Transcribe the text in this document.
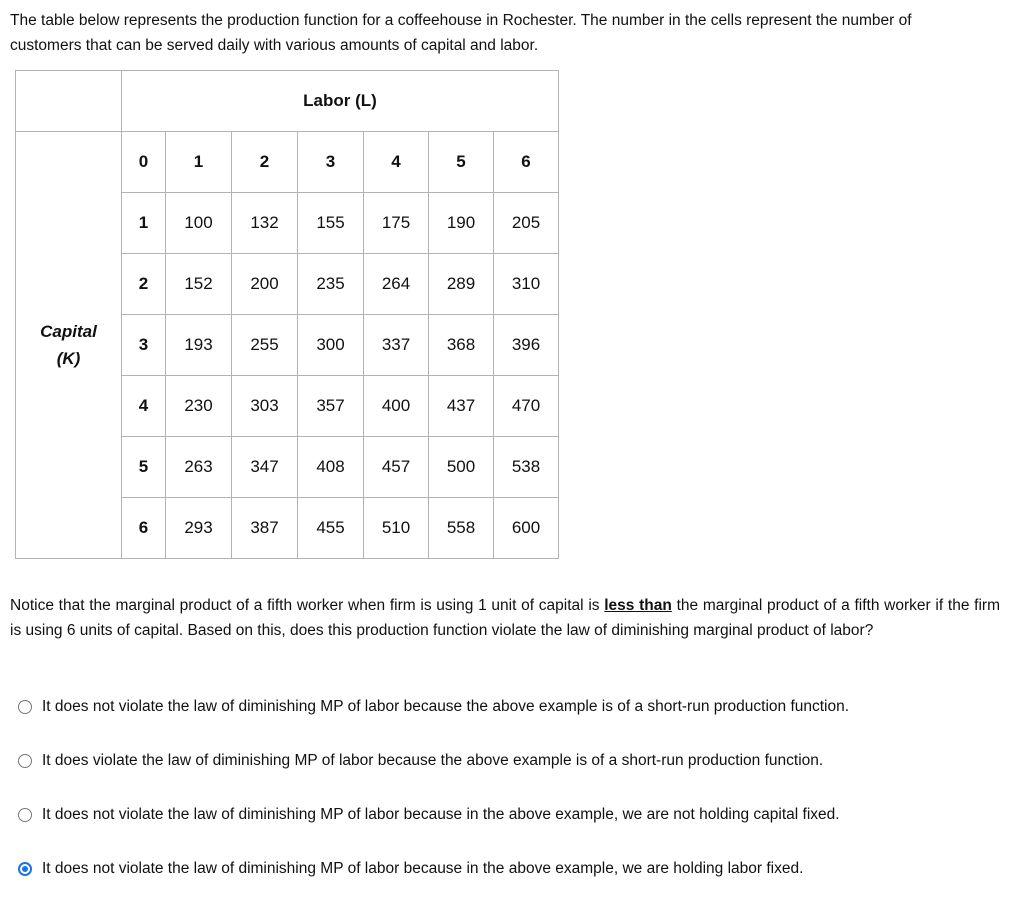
The table below represents the production function for a coffeehouse in Rochester. The number in the cells represent the number of
customers that can be served daily with various amounts of capital and labor.

	Labor (L)						
Capital
(K)	0	1	2	3	4	5	6
	1	100	132	155	175	190	205
	2	152	200	235	264	289	310
	3	193	255	300	337	368	396
	4	230	303	357	400	437	470
	5	263	347	408	457	500	538
	6	293	387	455	510	558	600

Notice that the marginal product of a fifth worker when firm is using 1 unit of capital is less than the marginal product of a fifth worker if the firm is using 6 units of capital. Based on this, does this production function violate the law of diminishing marginal product of labor?

It does not violate the law of diminishing MP of labor because the above example is of a short-run production function.
It does violate the law of diminishing MP of labor because the above example is of a short-run production function.
It does not violate the law of diminishing MP of labor because in the above example, we are not holding capital fixed.
It does not violate the law of diminishing MP of labor because in the above example, we are holding labor fixed.
